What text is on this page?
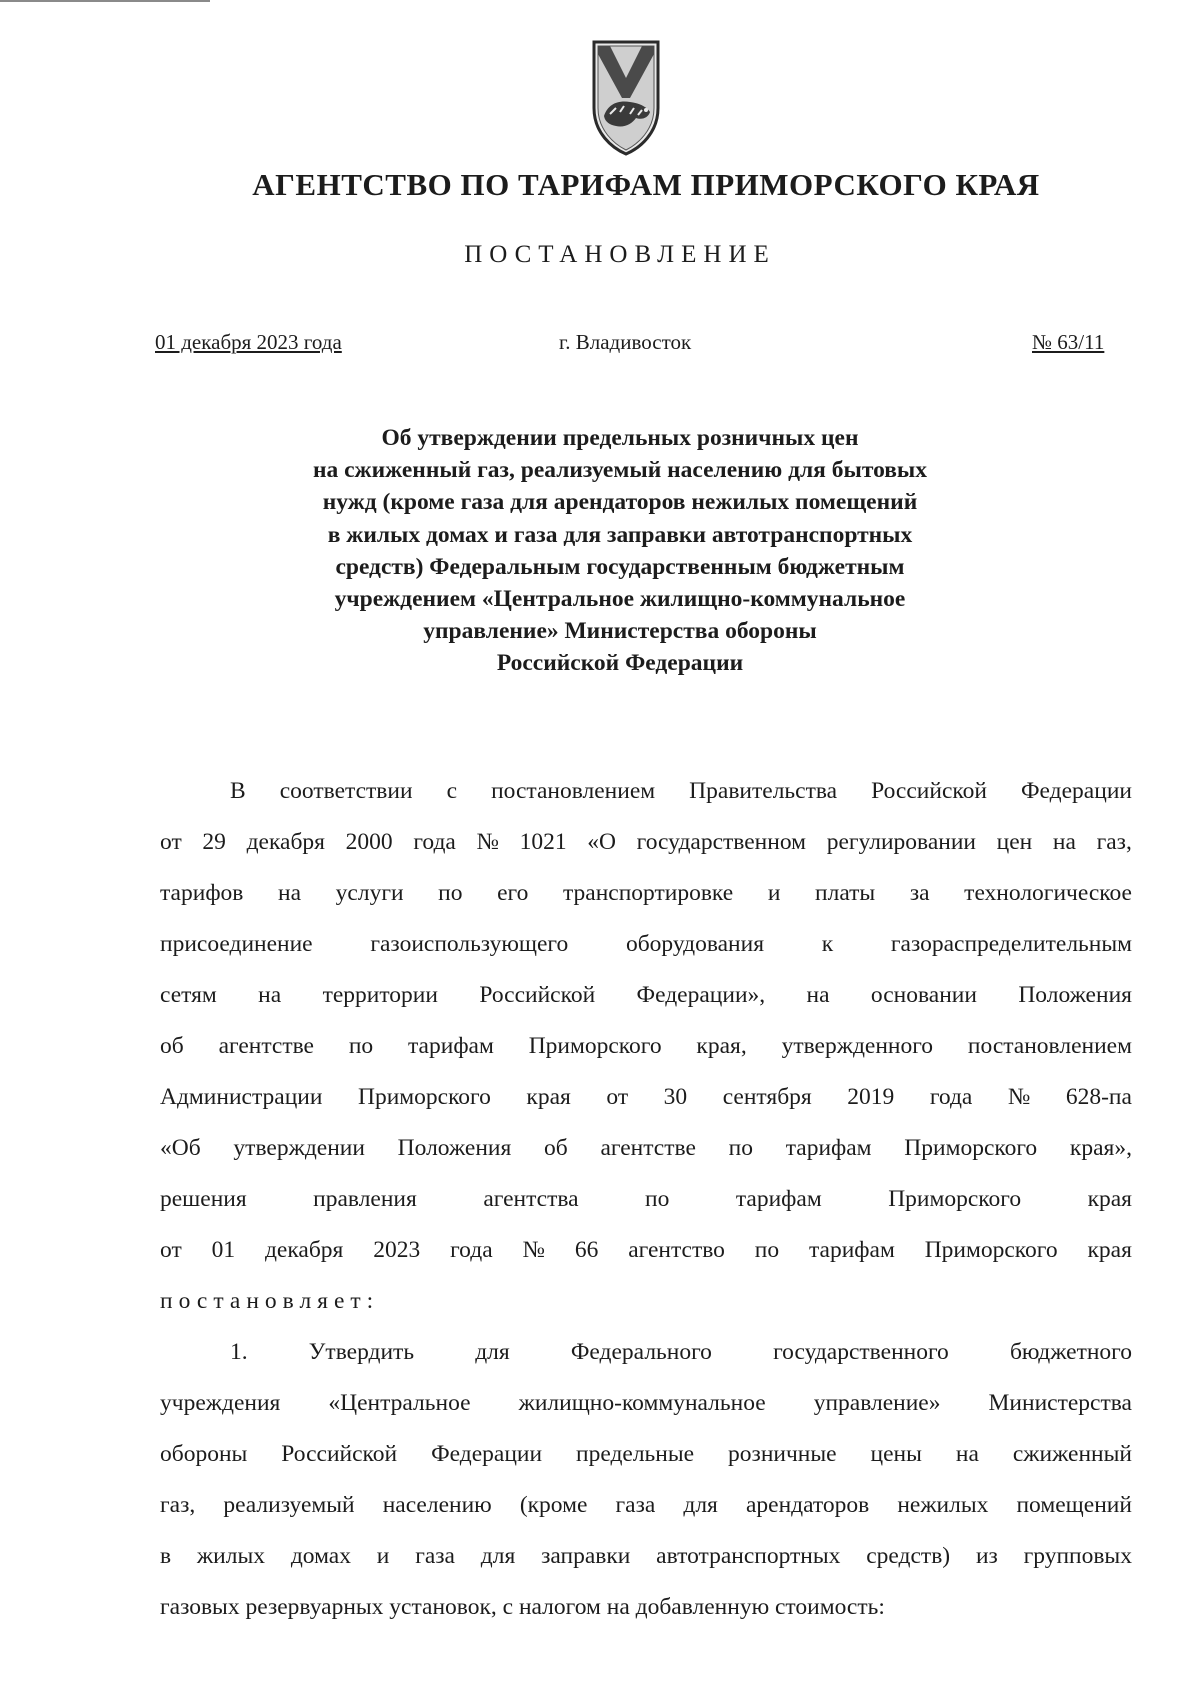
АГЕНТСТВО ПО ТАРИФАМ ПРИМОРСКОГО КРАЯ
ПОСТАНОВЛЕНИЕ
01 декабря 2023 года	г. Владивосток	№ 63/11
Об утверждении предельных розничных цен
на сжиженный газ, реализуемый населению для бытовых
нужд (кроме газа для арендаторов нежилых помещений
в жилых домах и газа для заправки автотранспортных
средств) Федеральным государственным бюджетным
учреждением «Центральное жилищно-коммунальное
управление» Министерства обороны
Российской Федерации
В соответствии с постановлением Правительства Российской Федерации
от 29 декабря 2000 года № 1021 «О государственном регулировании цен на газ,
тарифов на услуги по его транспортировке и платы за технологическое
присоединение газоиспользующего оборудования к газораспределительным
сетям на территории Российской Федерации», на основании Положения
об агентстве по тарифам Приморского края, утвержденного постановлением
Администрации Приморского края от 30 сентября 2019 года № 628-па
«Об утверждении Положения об агентстве по тарифам Приморского края»,
решения	правления	агентства	по	тарифам	Приморского	края
от 01 декабря 2023 года № 66 агентство по тарифам Приморского края
постановляет:
1.	Утвердить	для	Федерального	государственного	бюджетного
учреждения «Центральное жилищно-коммунальное управление» Министерства
обороны Российской Федерации предельные розничные цены на сжиженный
газ, реализуемый населению (кроме газа для арендаторов нежилых помещений
в жилых домах и газа для заправки автотранспортных средств) из групповых
газовых резервуарных установок, с налогом на добавленную стоимость:
